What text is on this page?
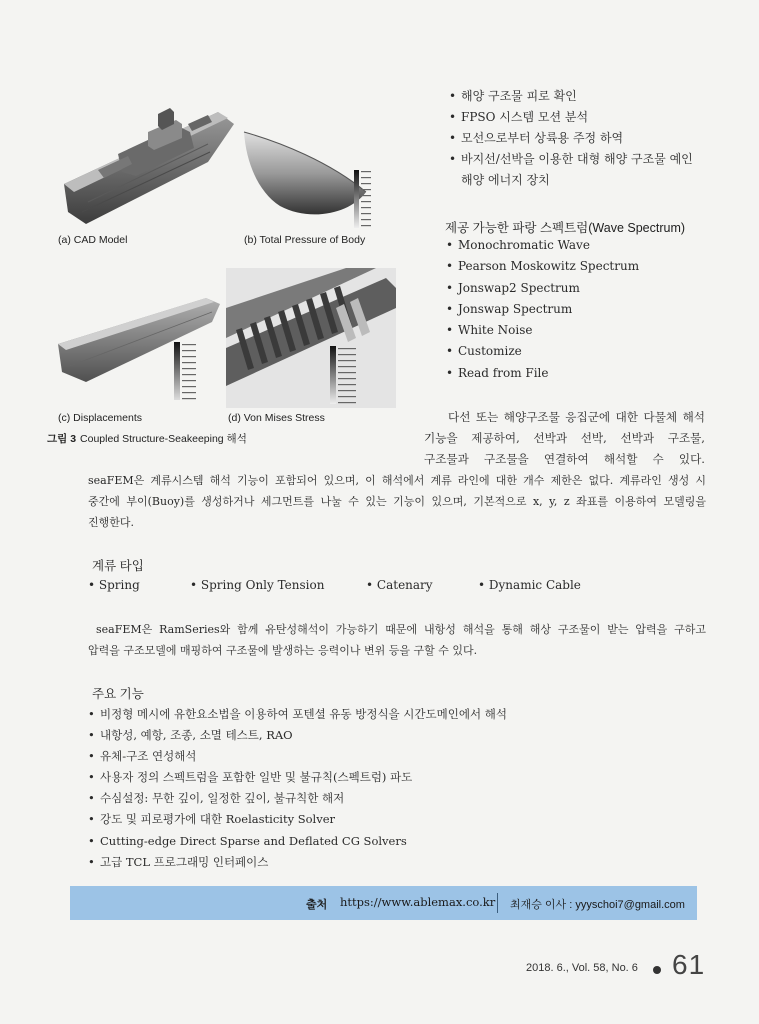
(a) CAD Model	(b) Total Pressure of Body
(c) Displacements	(d) Von Mises Stress
그림 3 Coupled Structure-Seakeeping 해석
• 해양 구조물 피로 확인
• FPSO 시스템 모션 분석
• 모선으로부터 상륙용 주정 하역
• 바지선/선박을 이용한 대형 해양 구조물 예인
해양 에너지 장치
제공 가능한 파랑 스펙트럼(Wave Spectrum)
• Monochromatic Wave
• Pearson Moskowitz Spectrum
• Jonswap2 Spectrum
• Jonswap Spectrum
• White Noise
• Customize
• Read from File
다선 또는 해양구조물 응집군에 대한 다물체 해석
기능을 제공하여, 선박과 선박, 선박과 구조물,
구조물과 구조물을 연결하여 해석할 수 있다.
seaFEM은 계류시스템 해석 기능이 포함되어 있으며, 이 해석에서 계류 라인에 대한 개수 제한은 없다. 계류라인 생성 시
중간에 부이(Buoy)를 생성하거나 세그먼트를 나눌 수 있는 기능이 있으며, 기본적으로 x, y, z 좌표를 이용하여 모델링을
진행한다.
계류 타입
• Spring	• Spring Only Tension	• Catenary	• Dynamic Cable
seaFEM은 RamSeries와 함께 유탄성해석이 가능하기 때문에 내항성 해석을 통해 해상 구조물이 받는 압력을 구하고
압력을 구조모델에 매핑하여 구조물에 발생하는 응력이나 변위 등을 구할 수 있다.
주요 기능
• 비정형 메시에 유한요소법을 이용하여 포텐셜 유동 방정식을 시간도메인에서 해석
• 내항성, 예항, 조종, 소멸 테스트, RAO
• 유체-구조 연성해석
• 사용자 정의 스펙트럼을 포함한 일반 및 불규칙(스펙트럼) 파도
• 수심설정: 무한 깊이, 일정한 깊이, 불규칙한 해저
• 강도 및 피로평가에 대한 Roelasticity Solver
• Cutting-edge Direct Sparse and Deflated CG Solvers
• 고급 TCL 프로그래밍 인터페이스
출처 https://www.ablemax.co.kr 최재승 이사 : yyyschoi7@gmail.com
2018. 6., Vol. 58, No. 6 61
